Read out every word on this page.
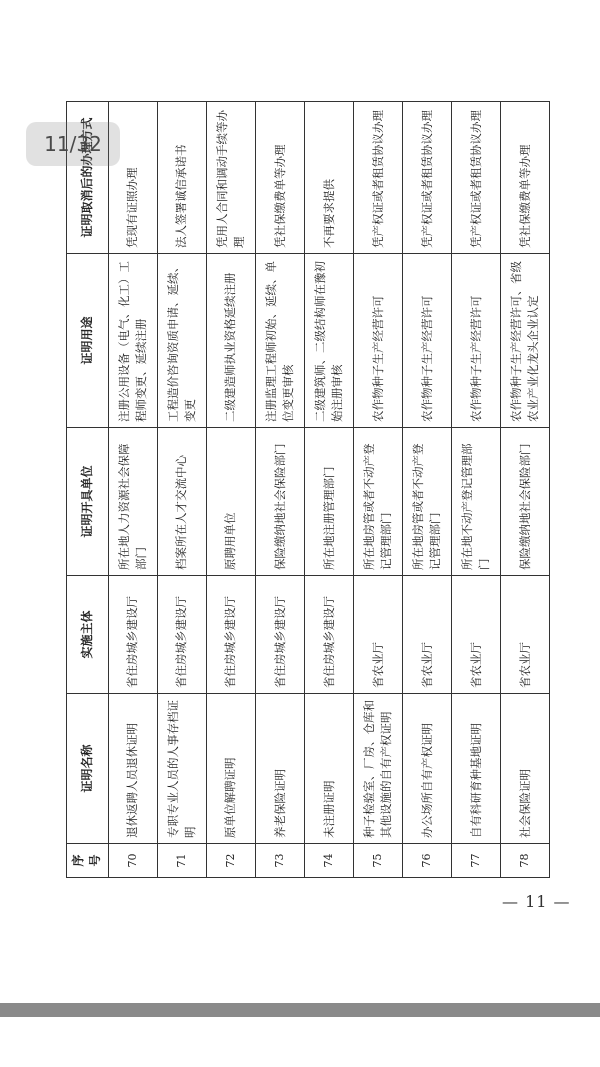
序号	证明名称	实施主体	证明开具单位	证明用途	证明取消后的办理方式
70	退休返聘人员退休证明	省住房城乡建设厅	所在地人力资源社会保障部门	注册公用设备（电气、化工）工程师变更、延续注册	凭现有证照办理
71	专职专业人员的人事存档证明	省住房城乡建设厅	档案所在人才交流中心	工程造价咨询资质申请、延续、变更	法人签署诚信承诺书
72	原单位解聘证明	省住房城乡建设厅	原聘用单位	二级建造师执业资格延续注册	凭用人合同和调动手续等办理
73	养老保险证明	省住房城乡建设厅	保险缴纳地社会保险部门	注册监理工程师初始、延续、单位变更审核	凭社保缴费单等办理
74	未注册证明	省住房城乡建设厅	所在地注册管理部门	二级建筑师、二级结构师在豫初始注册审核	不再要求提供
75	种子检验室、厂房、仓库和其他设施的自有产权证明	省农业厅	所在地房管或者不动产登记管理部门	农作物种子生产经营许可	凭产权证或者租赁协议办理
76	办公场所自有产权证明	省农业厅	所在地房管或者不动产登记管理部门	农作物种子生产经营许可	凭产权证或者租赁协议办理
77	自有科研育种基地证明	省农业厅	所在地不动产登记管理部门	农作物种子生产经营许可	凭产权证或者租赁协议办理
78	社会保险证明	省农业厅	保险缴纳地社会保险部门	农作物种子生产经营许可、省级农业产业化龙头企业认定	凭社保缴费单等办理
11/32
— 11 —
